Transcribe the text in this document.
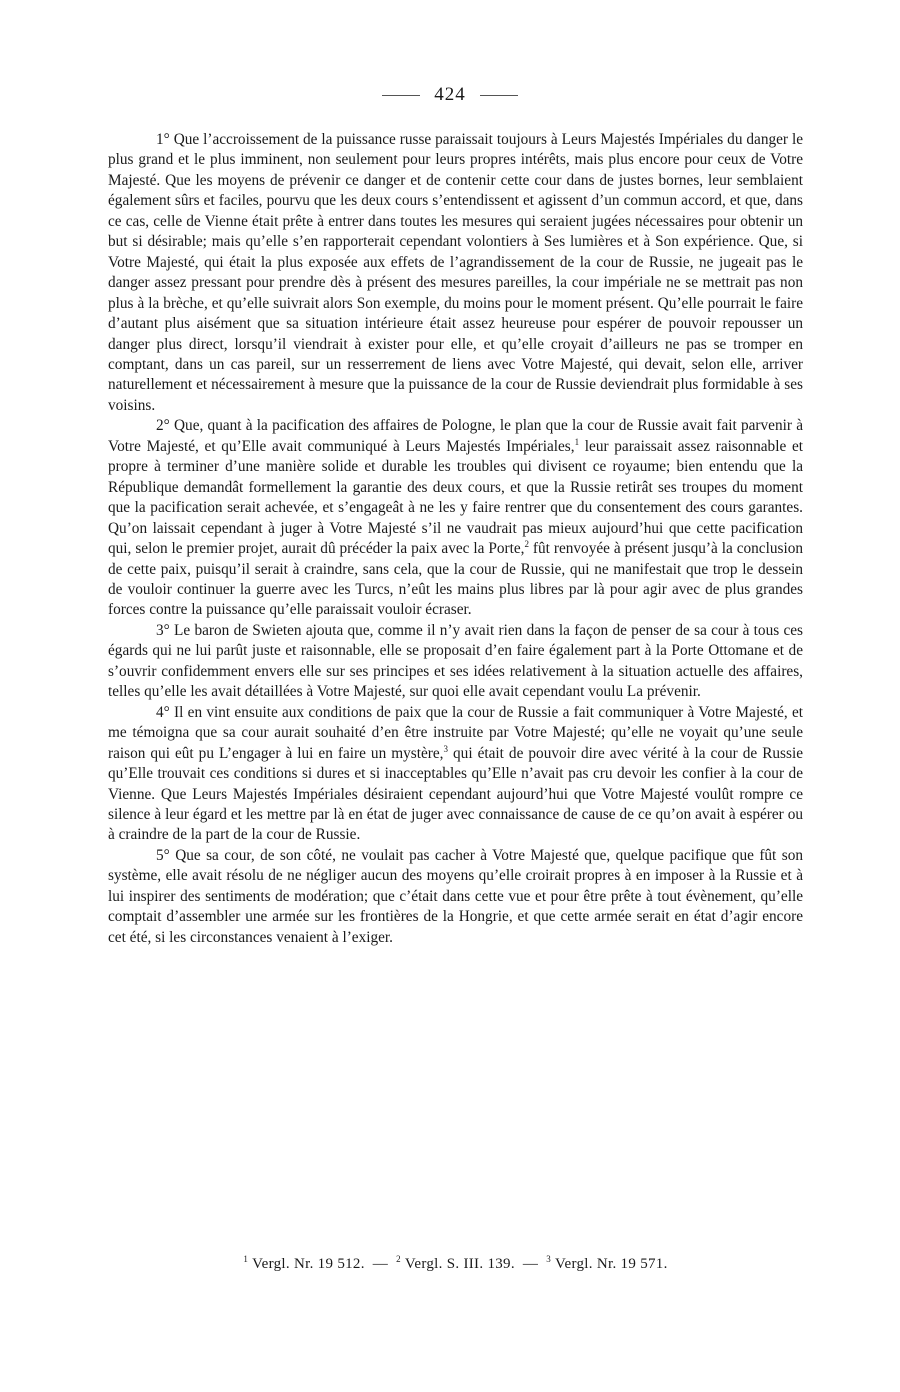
424

1° Que l’accroissement de la puissance russe paraissait toujours à Leurs Majestés Impériales du danger le plus grand et le plus imminent, non seulement pour leurs propres intérêts, mais plus encore pour ceux de Votre Majesté. Que les moyens de prévenir ce danger et de contenir cette cour dans de justes bornes, leur semblaient également sûrs et faciles, pourvu que les deux cours s’entendissent et agissent d’un commun accord, et que, dans ce cas, celle de Vienne était prête à entrer dans toutes les mesures qui seraient jugées nécessaires pour obtenir un but si désirable; mais qu’elle s’en rapporterait cependant volontiers à Ses lumières et à Son expérience. Que, si Votre Majesté, qui était la plus exposée aux effets de l’agrandissement de la cour de Russie, ne jugeait pas le danger assez pressant pour prendre dès à présent des mesures pareilles, la cour impériale ne se mettrait pas non plus à la brèche, et qu’elle suivrait alors Son exemple, du moins pour le moment présent. Qu’elle pourrait le faire d’autant plus aisément que sa situation intérieure était assez heureuse pour espérer de pouvoir repousser un danger plus direct, lorsqu’il viendrait à exister pour elle, et qu’elle croyait d’ailleurs ne pas se tromper en comptant, dans un cas pareil, sur un resserrement de liens avec Votre Majesté, qui devait, selon elle, arriver naturellement et nécessairement à mesure que la puissance de la cour de Russie deviendrait plus formidable à ses voisins.

2° Que, quant à la pacification des affaires de Pologne, le plan que la cour de Russie avait fait parvenir à Votre Majesté, et qu’Elle avait communiqué à Leurs Majestés Impériales,$^1$ leur paraissait assez raisonnable et propre à terminer d’une manière solide et durable les troubles qui divisent ce royaume; bien entendu que la République demandât formellement la garantie des deux cours, et que la Russie retirât ses troupes du moment que la pacification serait achevée, et s’engageât à ne les y faire rentrer que du consentement des cours garantes. Qu’on laissait cependant à juger à Votre Majesté s’il ne vaudrait pas mieux aujourd’hui que cette pacification qui, selon le premier projet, aurait dû précéder la paix avec la Porte,$^2$ fût renvoyée à présent jusqu’à la conclusion de cette paix, puisqu’il serait à craindre, sans cela, que la cour de Russie, qui ne manifestait que trop le dessein de vouloir continuer la guerre avec les Turcs, n’eût les mains plus libres par là pour agir avec de plus grandes forces contre la puissance qu’elle paraissait vouloir écraser.

3° Le baron de Swieten ajouta que, comme il n’y avait rien dans la façon de penser de sa cour à tous ces égards qui ne lui parût juste et raisonnable, elle se proposait d’en faire également part à la Porte Ottomane et de s’ouvrir confidemment envers elle sur ses principes et ses idées relativement à la situation actuelle des affaires, telles qu’elle les avait détaillées à Votre Majesté, sur quoi elle avait cependant voulu La prévenir.

4° Il en vint ensuite aux conditions de paix que la cour de Russie a fait communiquer à Votre Majesté, et me témoigna que sa cour aurait souhaité d’en être instruite par Votre Majesté; qu’elle ne voyait qu’une seule raison qui eût pu L’engager à lui en faire un mystère,$^3$ qui était de pouvoir dire avec vérité à la cour de Russie qu’Elle trouvait ces conditions si dures et si inacceptables qu’Elle n’avait pas cru devoir les confier à la cour de Vienne. Que Leurs Majestés Impériales désiraient cependant aujourd’hui que Votre Majesté voulût rompre ce silence à leur égard et les mettre par là en état de juger avec connaissance de cause de ce qu’on avait à espérer ou à craindre de la part de la cour de Russie.

5° Que sa cour, de son côté, ne voulait pas cacher à Votre Majesté que, quelque pacifique que fût son système, elle avait résolu de ne négliger aucun des moyens qu’elle croirait propres à en imposer à la Russie et à lui inspirer des sentiments de modération; que c’était dans cette vue et pour être prête à tout évènement, qu’elle comptait d’assembler une armée sur les frontières de la Hongrie, et que cette armée serait en état d’agir encore cet été, si les circonstances venaient à l’exiger.

$^1$ Vergl. Nr. 19 512. — $^2$ Vergl. S. III. 139. — $^3$ Vergl. Nr. 19 571.
